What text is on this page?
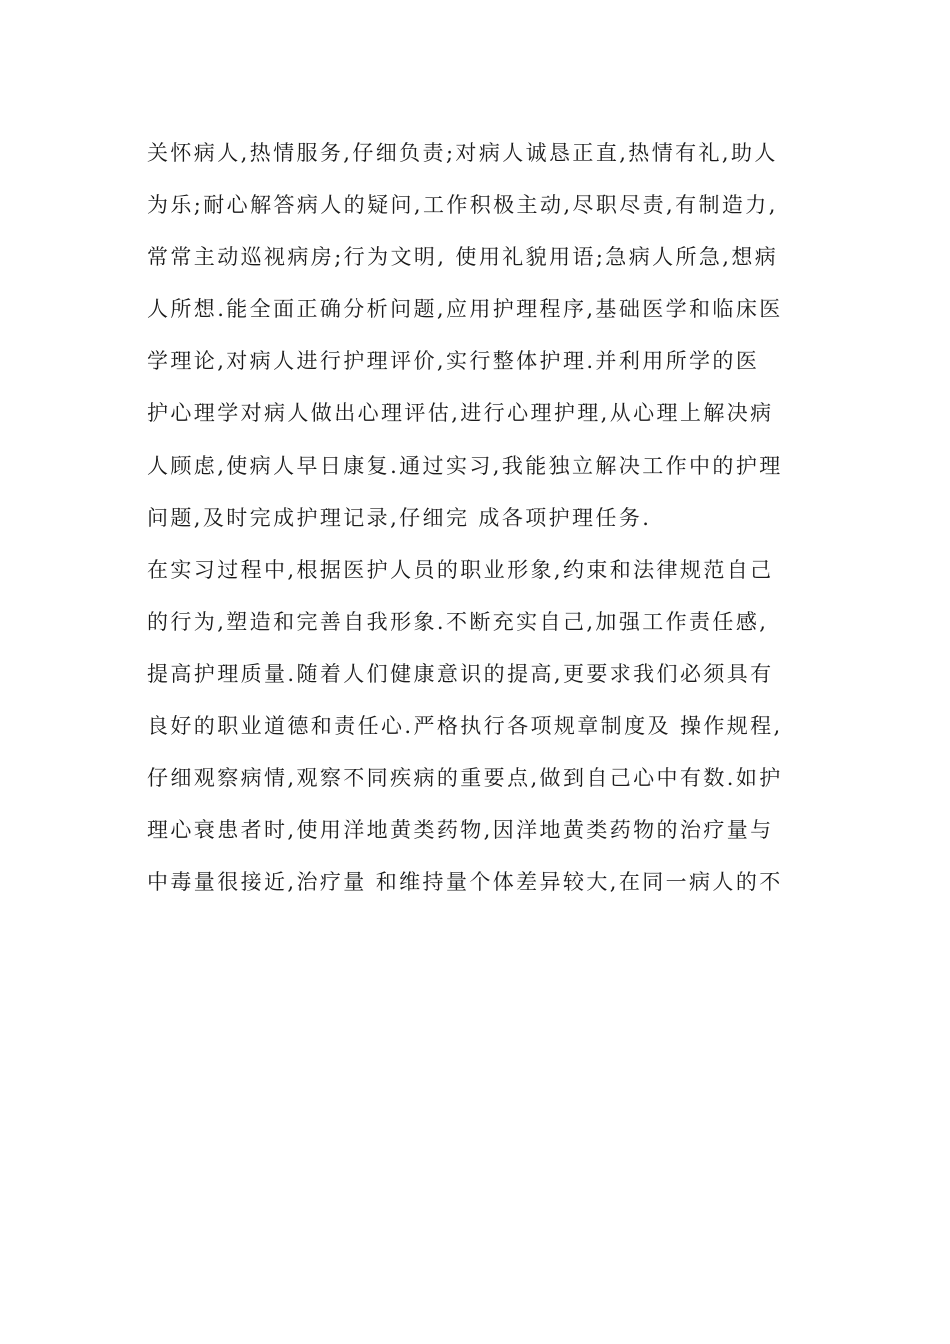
关怀病人,热情服务,仔细负责;对病人诚恳正直,热情有礼,助人
为乐;耐心解答病人的疑问,工作积极主动,尽职尽责,有制造力,
常常主动巡视病房;行为文明, 使用礼貌用语;急病人所急,想病
人所想.能全面正确分析问题,应用护理程序,基础医学和临床医
学理论,对病人进行护理评价,实行整体护理.并利用所学的医
护心理学对病人做出心理评估,进行心理护理,从心理上解决病
人顾虑,使病人早日康复.通过实习,我能独立解决工作中的护理
问题,及时完成护理记录,仔细完 成各项护理任务.
在实习过程中,根据医护人员的职业形象,约束和法律规范自己
的行为,塑造和完善自我形象.不断充实自己,加强工作责任感,
提高护理质量.随着人们健康意识的提高,更要求我们必须具有
良好的职业道德和责任心.严格执行各项规章制度及 操作规程,
仔细观察病情,观察不同疾病的重要点,做到自己心中有数.如护
理心衰患者时,使用洋地黄类药物,因洋地黄类药物的治疗量与
中毒量很接近,治疗量 和维持量个体差异较大,在同一病人的不
